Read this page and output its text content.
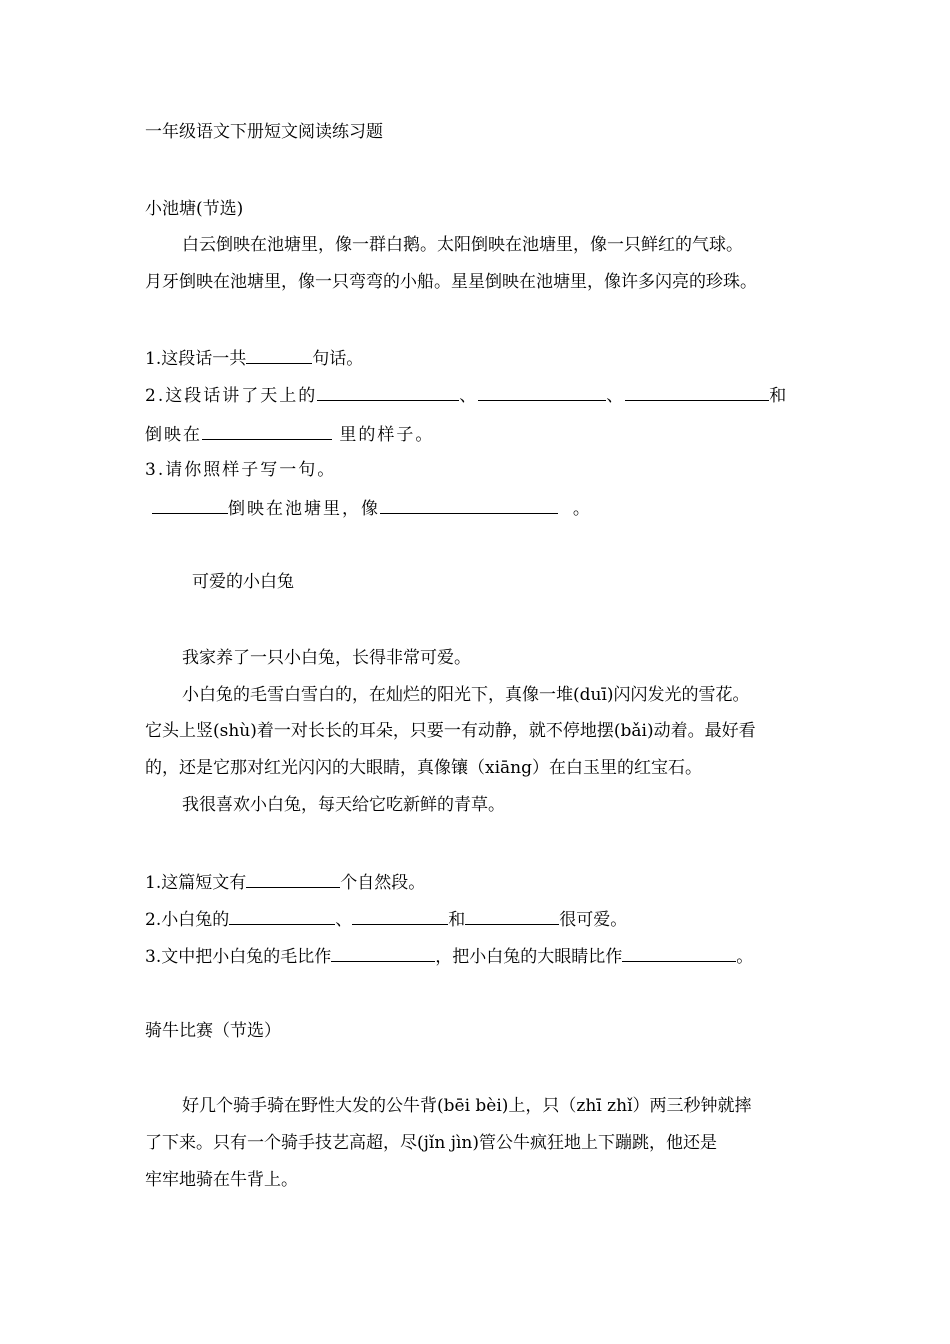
一年级语文下册短文阅读练习题
小池塘(节选)
白云倒映在池塘里，像一群白鹅。太阳倒映在池塘里，像一只鲜红的气球。
月牙倒映在池塘里，像一只弯弯的小船。星星倒映在池塘里，像许多闪亮的珍珠。
1.这段话一共	句话。
2.这段话讲了天上的	、	、	和
倒映在	里的样子。
3.请你照样子写一句。
倒映在池塘里，像	。
可爱的小白兔
我家养了一只小白兔，长得非常可爱。
小白兔的毛雪白雪白的，在灿烂的阳光下，真像一堆(duī)闪闪发光的雪花。
它头上竖(shù)着一对长长的耳朵，只要一有动静，就不停地摆(bǎi)动着。最好看
的，还是它那对红光闪闪的大眼睛，真像镶（xiāng）在白玉里的红宝石。
我很喜欢小白兔，每天给它吃新鲜的青草。
1.这篇短文有	个自然段。
2.小白兔的	、	和	很可爱。
3.文中把小白兔的毛比作	，把小白兔的大眼睛比作	。
骑牛比赛（节选）
好几个骑手骑在野性大发的公牛背(bēi bèi)上，只（zhī zhǐ）两三秒钟就摔
了下来。只有一个骑手技艺高超，尽(jǐn jìn)管公牛疯狂地上下蹦跳，他还是
牢牢地骑在牛背上。
